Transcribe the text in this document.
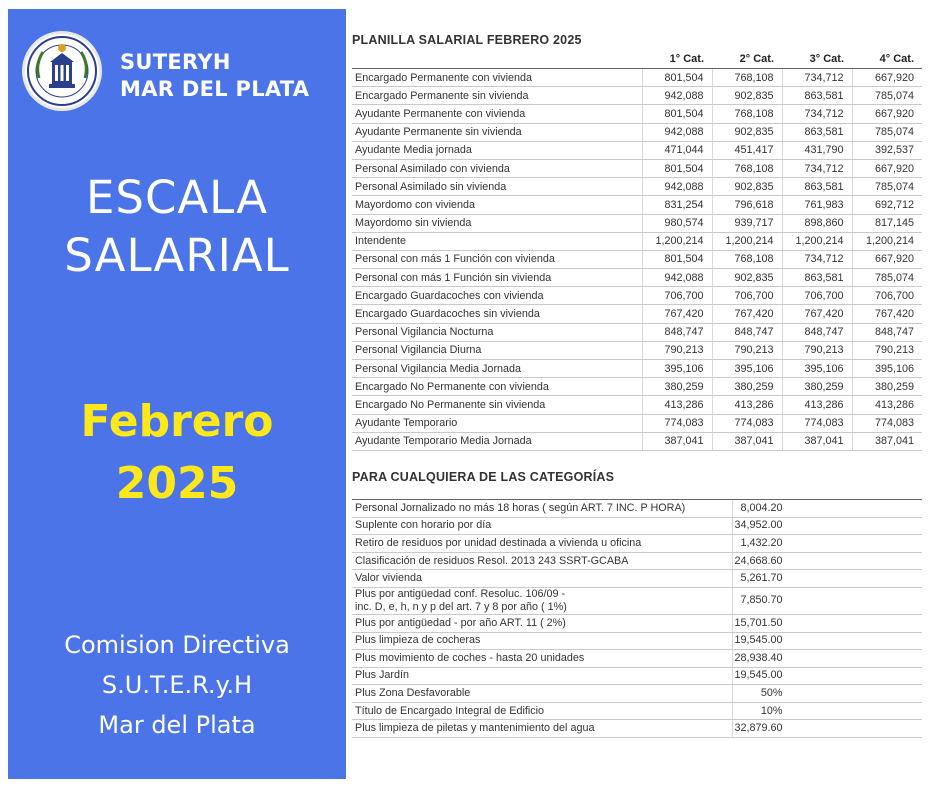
SUTERYH
MAR DEL PLATA
ESCALA
SALARIAL
Febrero
2025
Comision Directiva
S.U.T.E.R.y.H
Mar del Plata
PLANILLA SALARIAL FEBRERO 2025
	1° Cat.	2° Cat.	3° Cat.	4° Cat.
Encargado Permanente con vivienda	801,504	768,108	734,712	667,920
Encargado Permanente sin vivienda	942,088	902,835	863,581	785,074
Ayudante Permanente con vivienda	801,504	768,108	734,712	667,920
Ayudante Permanente sin vivienda	942,088	902,835	863,581	785,074
Ayudante Media jornada	471,044	451,417	431,790	392,537
Personal Asimilado con vivienda	801,504	768,108	734,712	667,920
Personal Asimilado sin vivienda	942,088	902,835	863,581	785,074
Mayordomo con vivienda	831,254	796,618	761,983	692,712
Mayordomo sin vivienda	980,574	939,717	898,860	817,145
Intendente	1,200,214	1,200,214	1,200,214	1,200,214
Personal con más 1 Función con vivienda	801,504	768,108	734,712	667,920
Personal con más 1 Función sin vivienda	942,088	902,835	863,581	785,074
Encargado Guardacoches con vivienda	706,700	706,700	706,700	706,700
Encargado Guardacoches sin vivienda	767,420	767,420	767,420	767,420
Personal Vigilancia Nocturna	848,747	848,747	848,747	848,747
Personal Vigilancia Diurna	790,213	790,213	790,213	790,213
Personal Vigilancia Media Jornada	395,106	395,106	395,106	395,106
Encargado No Permanente con vivienda	380,259	380,259	380,259	380,259
Encargado No Permanente sin vivienda	413,286	413,286	413,286	413,286
Ayudante Temporario	774,083	774,083	774,083	774,083
Ayudante Temporario Media Jornada	387,041	387,041	387,041	387,041
PARA CUALQUIERA DE LAS CATEGORÍAS
Personal Jornalizado no más 18 horas ( según ART. 7 INC. P HORA)	8,004.20

Suplente con horario por día	34,952.00

Retiro de residuos por unidad destinada a vivienda u oficina	1,432.20

Clasificación de residuos Resol. 2013 243 SSRT-GCABA	24,668.60

Valor vivienda	5,261.70

Plus por antigüedad conf. Resoluc. 106/09 -
inc. D, e, h, n y p del art. 7 y 8 por año ( 1%)	7,850.70

Plus por antigüedad - por año ART. 11 ( 2%)	15,701.50

Plus limpieza de cocheras	19,545.00

Plus movimiento de coches - hasta 20 unidades	28,938.40

Plus Jardín	19,545.00

Plus Zona Desfavorable	50%

Título de Encargado Integral de Edificio	10%

Plus limpieza de piletas y mantenimiento del agua	32,879.60
